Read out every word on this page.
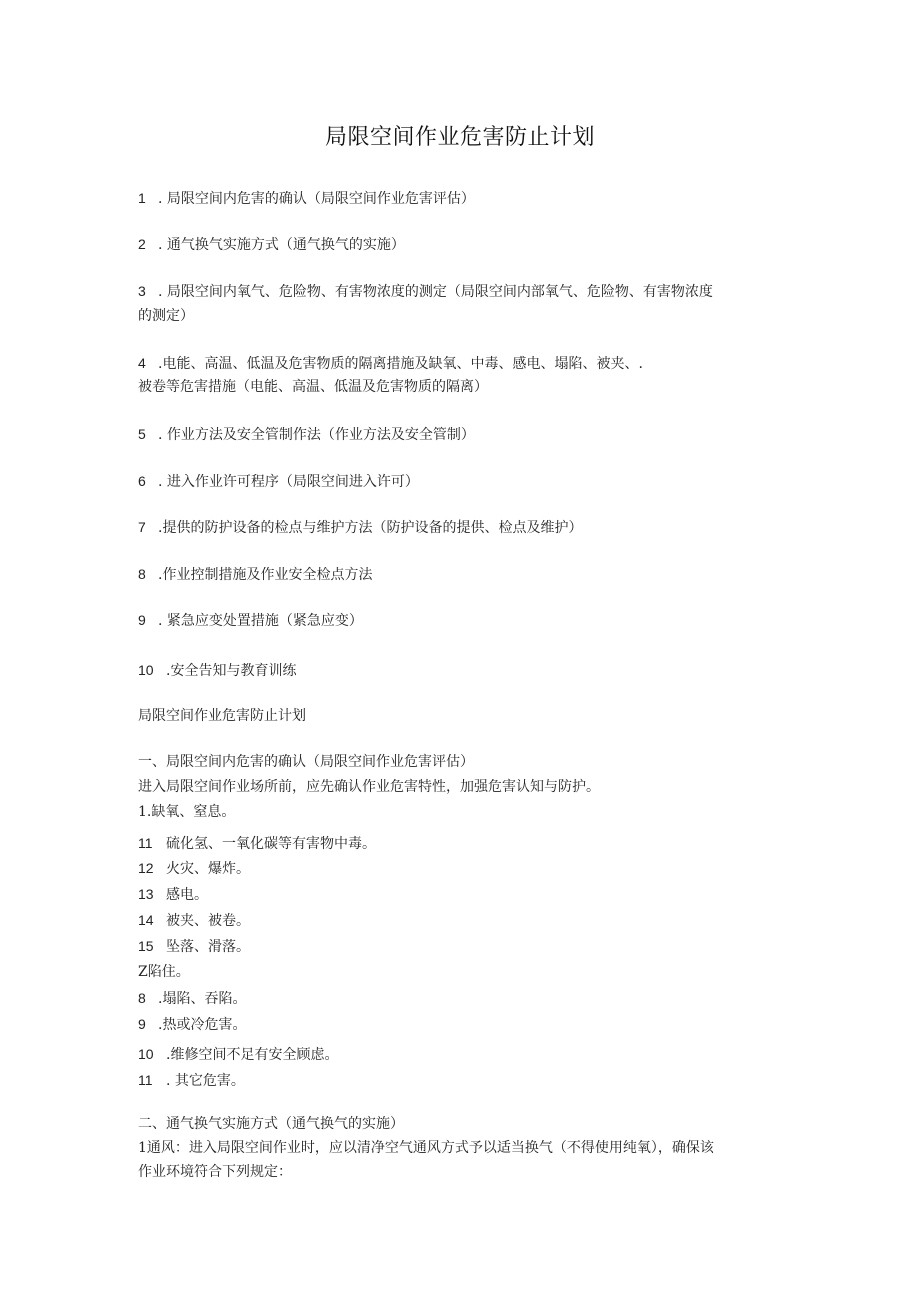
局限空间作业危害防止计划
1 . 局限空间内危害的确认（局限空间作业危害评估）
2 . 通气换气实施方式（通气换气的实施）
3 . 局限空间内氧气、危险物、有害物浓度的测定（局限空间内部氧气、危险物、有害物浓度
的测定）
4 .电能、高温、低温及危害物质的隔离措施及缺氧、中毒、感电、塌陷、被夹、.
被卷等危害措施（电能、高温、低温及危害物质的隔离）
5 . 作业方法及安全管制作法（作业方法及安全管制）
6 . 进入作业许可程序（局限空间进入许可）
7 .提供的防护设备的检点与维护方法（防护设备的提供、检点及维护）
8 .作业控制措施及作业安全检点方法
9 . 紧急应变处置措施（紧急应变）
10 .安全告知与教育训练
局限空间作业危害防止计划
一、局限空间内危害的确认（局限空间作业危害评估）
进入局限空间作业场所前，应先确认作业危害特性，加强危害认知与防护。
1.缺氧、窒息。
11 硫化氢、一氧化碳等有害物中毒。
12 火灾、爆炸。
13 感电。
14 被夹、被卷。
15 坠落、滑落。
Z陷住。
8 .塌陷、吞陷。
9 .热或冷危害。
10 .维修空间不足有安全顾虑。
11 . 其它危害。
二、通气换气实施方式（通气换气的实施）
1通风：进入局限空间作业时，应以清净空气通风方式予以适当换气（不得使用纯氧），确保该
作业环境符合下列规定：
